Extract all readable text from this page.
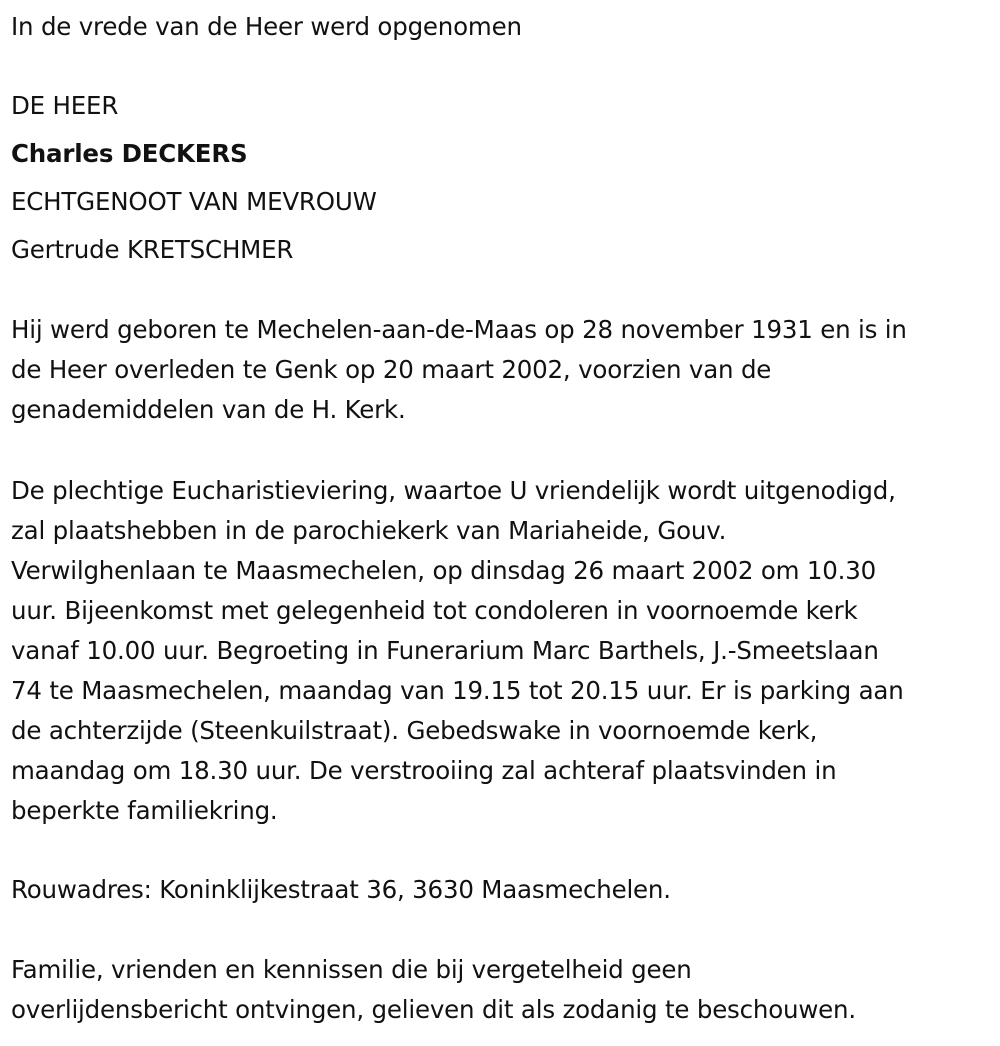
In de vrede van de Heer werd opgenomen

DE HEER

Charles DECKERS

ECHTGENOOT VAN MEVROUW

Gertrude KRETSCHMER

Hij werd geboren te Mechelen-aan-de-Maas op 28 november 1931 en is in
de Heer overleden te Genk op 20 maart 2002, voorzien van de
genademiddelen van de H. Kerk.
De plechtige Eucharistieviering, waartoe U vriendelijk wordt uitgenodigd,
zal plaatshebben in de parochiekerk van Mariaheide, Gouv.
Verwilghenlaan te Maasmechelen, op dinsdag 26 maart 2002 om 10.30
uur. Bijeenkomst met gelegenheid tot condoleren in voornoemde kerk
vanaf 10.00 uur. Begroeting in Funerarium Marc Barthels, J.-Smeetslaan
74 te Maasmechelen, maandag van 19.15 tot 20.15 uur. Er is parking aan
de achterzijde (Steenkuilstraat). Gebedswake in voornoemde kerk,
maandag om 18.30 uur. De verstrooiing zal achteraf plaatsvinden in
beperkte familiekring.
Rouwadres: Koninklijkestraat 36, 3630 Maasmechelen.
Familie, vrienden en kennissen die bij vergetelheid geen
overlijdensbericht ontvingen, gelieven dit als zodanig te beschouwen.
